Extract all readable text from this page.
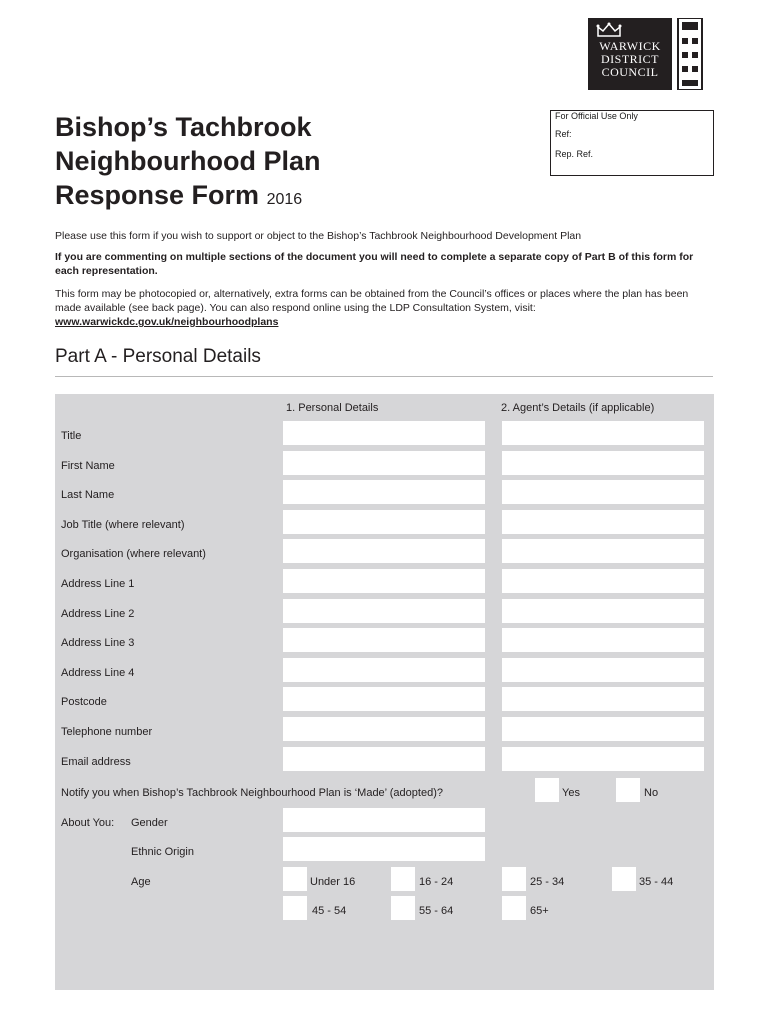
WARWICK
DISTRICT
COUNCIL
Bishop’s Tachbrook
Neighbourhood Plan
Response Form 2016
For Official Use Only
Ref:
Rep. Ref.
Please use this form if you wish to support or object to the Bishop’s Tachbrook Neighbourhood Development Plan
If you are commenting on multiple sections of the document you will need to complete a separate copy of Part B of this form for each representation.
This form may be photocopied or, alternatively, extra forms can be obtained from the Council’s offices or places where the plan has been made available (see back page). You can also respond online using the LDP Consultation System, visit: www.warwickdc.gov.uk/neighbourhoodplans
Part A - Personal Details
1. Personal Details	2. Agent’s Details (if applicable)
Title
First Name
Last Name
Job Title (where relevant)
Organisation (where relevant)
Address Line 1
Address Line 2
Address Line 3
Address Line 4
Postcode
Telephone number
Email address
Notify you when Bishop’s Tachbrook Neighbourhood Plan is ‘Made’ (adopted)?	Yes	No
About You: Gender
Ethnic Origin
Age	Under 16	16 - 24	25 - 34	35 - 44
45 - 54	55 - 64	65+
